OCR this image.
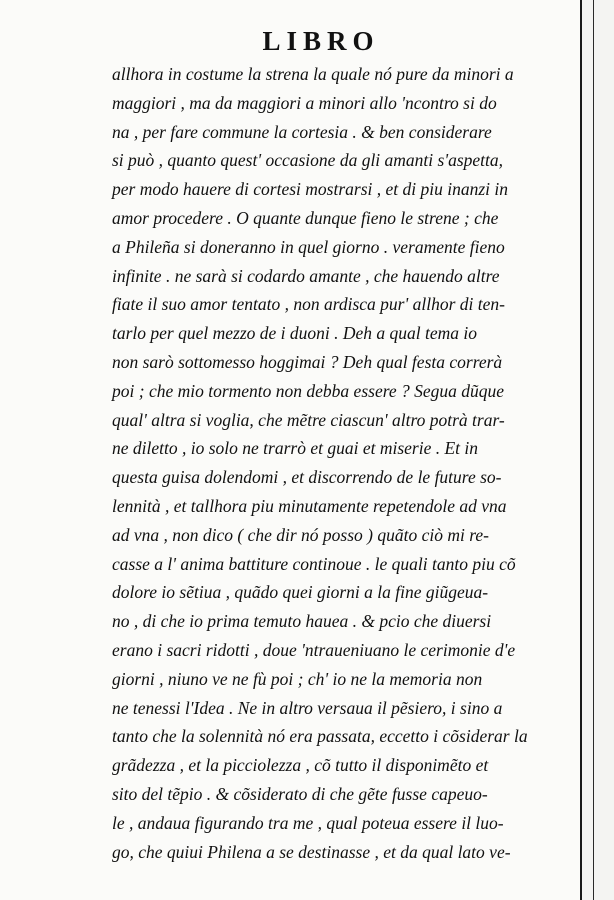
LIBRO
allhora in costume la strena la quale nó pure da minori a
maggiori , ma da maggiori a minori allo 'ncontro si do
na , per fare commune la cortesia . & ben considerare
si può , quanto quest' occasione da gli amanti s'aspetta,
per modo hauere di cortesi mostrarsi , et di piu inanzi in
amor procedere . O quante dunque fieno le strene ; che
a Phileña si doneranno in quel giorno . veramente fieno
infinite . ne sarà si codardo amante , che hauendo altre
fiate il suo amor tentato , non ardisca pur' allhor di ten-
tarlo per quel mezzo de i duoni . Deh a qual tema io
non sarò sottomesso hoggimai ? Deh qual festa correrà
poi ; che mio tormento non debba essere ? Segua dũque
qual' altra si voglia, che mẽtre ciascun' altro potrà trar-
ne diletto , io solo ne trarrò et guai et miserie . Et in
questa guisa dolendomi , et discorrendo de le future so-
lennità , et tallhora piu minutamente repetendole ad vna
ad vna , non dico ( che dir nó posso ) quãto ciò mi re-
casse a l' anima battiture continoue . le quali tanto piu cõ
dolore io sẽtiua , quãdo quei giorni a la fine giũgeua-
no , di che io prima temuto hauea . & pcio che diuersi
erano i sacri ridotti , doue 'ntraueniuano le cerimonie d'e
giorni , niuno ve ne fù poi ; ch' io ne la memoria non
ne tenessi l'Idea . Ne in altro versaua il pẽsiero, i sino a
tanto che la solennità nó era passata, eccetto i cõsiderar la
grãdezza , et la picciolezza , cõ tutto il disponimẽto et
sito del tẽpio . & cõsiderato di che gẽte fusse capeuo-
le , andaua figurando tra me , qual poteua essere il luo-
go, che quiui Philena a se destinasse , et da qual lato ve-
